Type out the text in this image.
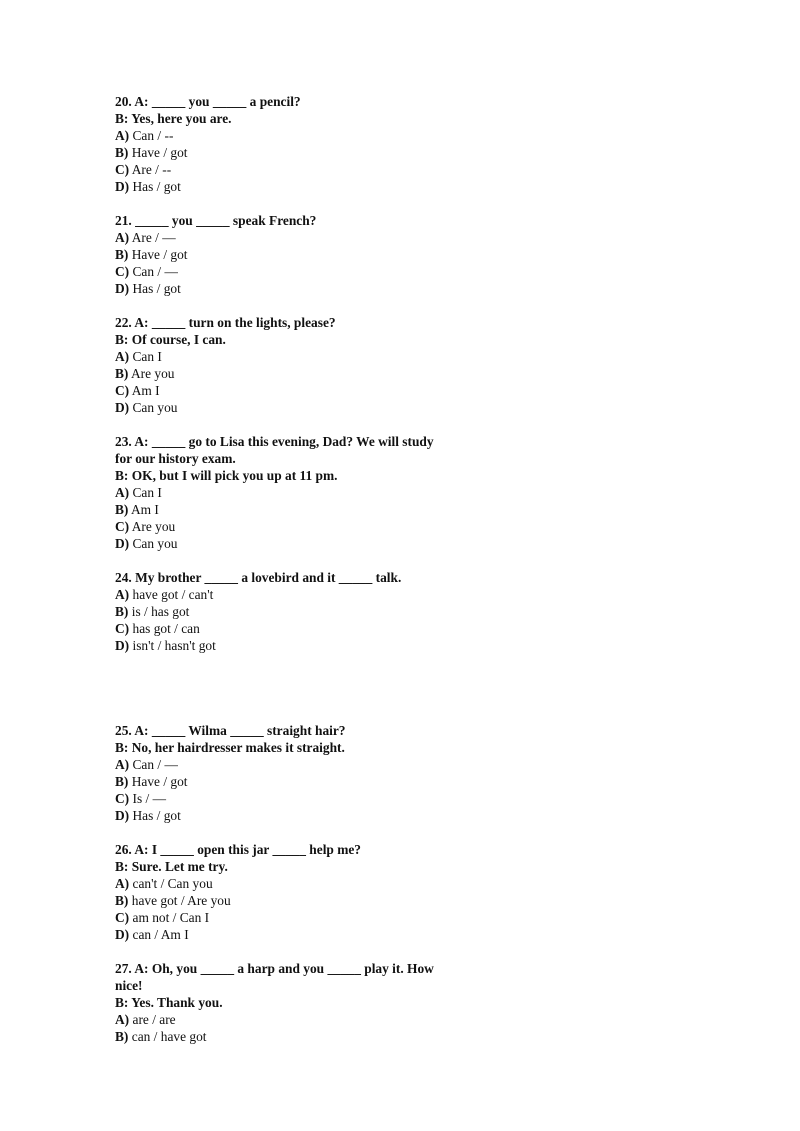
20. A: _____ you _____ a pencil?
B: Yes, here you are.
A) Can / --
B) Have / got
C) Are / --
D) Has / got
21. _____ you _____ speak French?
A) Are / —
B) Have / got
C) Can / —
D) Has / got
22. A: _____ turn on the lights, please?
B: Of course, I can.
A) Can I
B) Are you
C) Am I
D) Can you
23. A: _____ go to Lisa this evening, Dad? We will study
for our history exam.
B: OK, but I will pick you up at 11 pm.
A) Can I
B) Am I
C) Are you
D) Can you
24. My brother _____ a lovebird and it _____ talk.
A) have got / can't
B) is / has got
C) has got / can
D) isn't / hasn't got
25. A: _____ Wilma _____ straight hair?
B: No, her hairdresser makes it straight.
A) Can / —
B) Have / got
C) Is / —
D) Has / got
26. A: I _____ open this jar _____ help me?
B: Sure. Let me try.
A) can't / Can you
B) have got / Are you
C) am not / Can I
D) can / Am I
27. A: Oh, you _____ a harp and you _____ play it. How
nice!
B: Yes. Thank you.
A) are / are
B) can / have got
